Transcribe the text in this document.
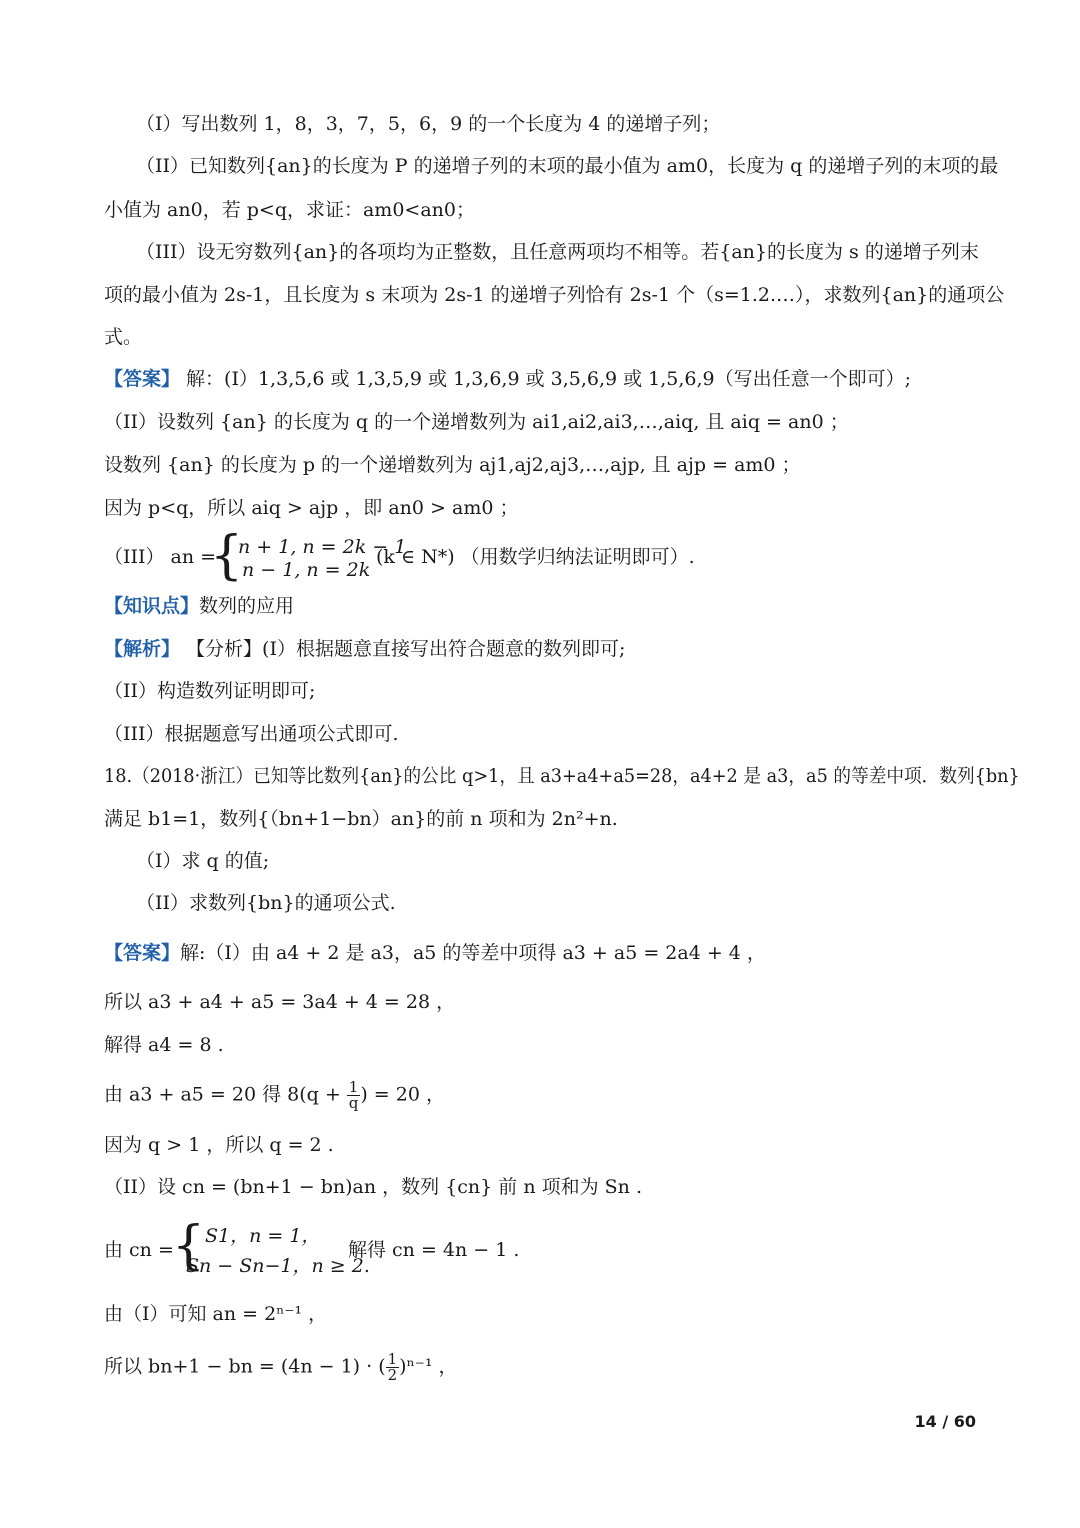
（I）写出数列 1，8，3，7，5，6，9 的一个长度为 4 的递增子列；
（II）已知数列{an}的长度为 P 的递增子列的末项的最小值为 am0，长度为 q 的递增子列的末项的最
小值为 an0，若 p<q，求证：am0<an0；
（III）设无穷数列{an}的各项均为正整数，且任意两项均不相等。若{an}的长度为 s 的递增子列末
项的最小值为 2s-1，且长度为 s 末项为 2s-1 的递增子列恰有 2s-1 个（s=1.2.…），求数列{an}的通项公
式。
【答案】 解：(I）1,3,5,6 或 1,3,5,9 或 1,3,6,9 或 3,5,6,9 或 1,5,6,9（写出任意一个即可）;
（II）设数列 {an} 的长度为 q 的一个递增数列为 ai1,ai2,ai3,…,aiq, 且 aiq = an0 ；
设数列 {an} 的长度为 p 的一个递增数列为 aj1,aj2,aj3,…,ajp, 且 ajp = am0 ；
因为 p<q，所以 aiq > ajp ，即 an0 > am0 ；
（III） an =
{
n + 1, n = 2k − 1
n − 1, n = 2k
(k ∈ N*) （用数学归纳法证明即可）.
【知识点】数列的应用
【解析】 【分析】(I）根据题意直接写出符合题意的数列即可;
（II）构造数列证明即可;
（III）根据题意写出通项公式即可.
18.（2018·浙江）已知等比数列{an}的公比 q>1，且 a3+a4+a5=28，a4+2 是 a3，a5 的等差中项．数列{bn}
满足 b1=1，数列{（bn+1−bn）an}的前 n 项和为 2n²+n.
（I）求 q 的值;
（II）求数列{bn}的通项公式.
【答案】解:（I）由 a4 + 2 是 a3，a5 的等差中项得 a3 + a5 = 2a4 + 4 ，
所以 a3 + a4 + a5 = 3a4 + 4 = 28 ，
解得 a4 = 8 .
由 a3 + a5 = 20 得 $8(q + \frac{1}{q}$ ) = 20 ，
因为 q > 1 ，所以 q = 2 .
（II）设 cn = (bn+1 − bn)an ，数列 {cn} 前 n 项和为 Sn .
由 cn =
{ S1，n = 1，
Sn − Sn−1，n ≥ 2.
解得 cn = 4n − 1 .
由（I）可知 an = 2ⁿ⁻¹ ，
所以 bn+1 − bn = (4n − 1) · ( $\frac{1}{2} )^{n-1}$ ，
14 / 60
